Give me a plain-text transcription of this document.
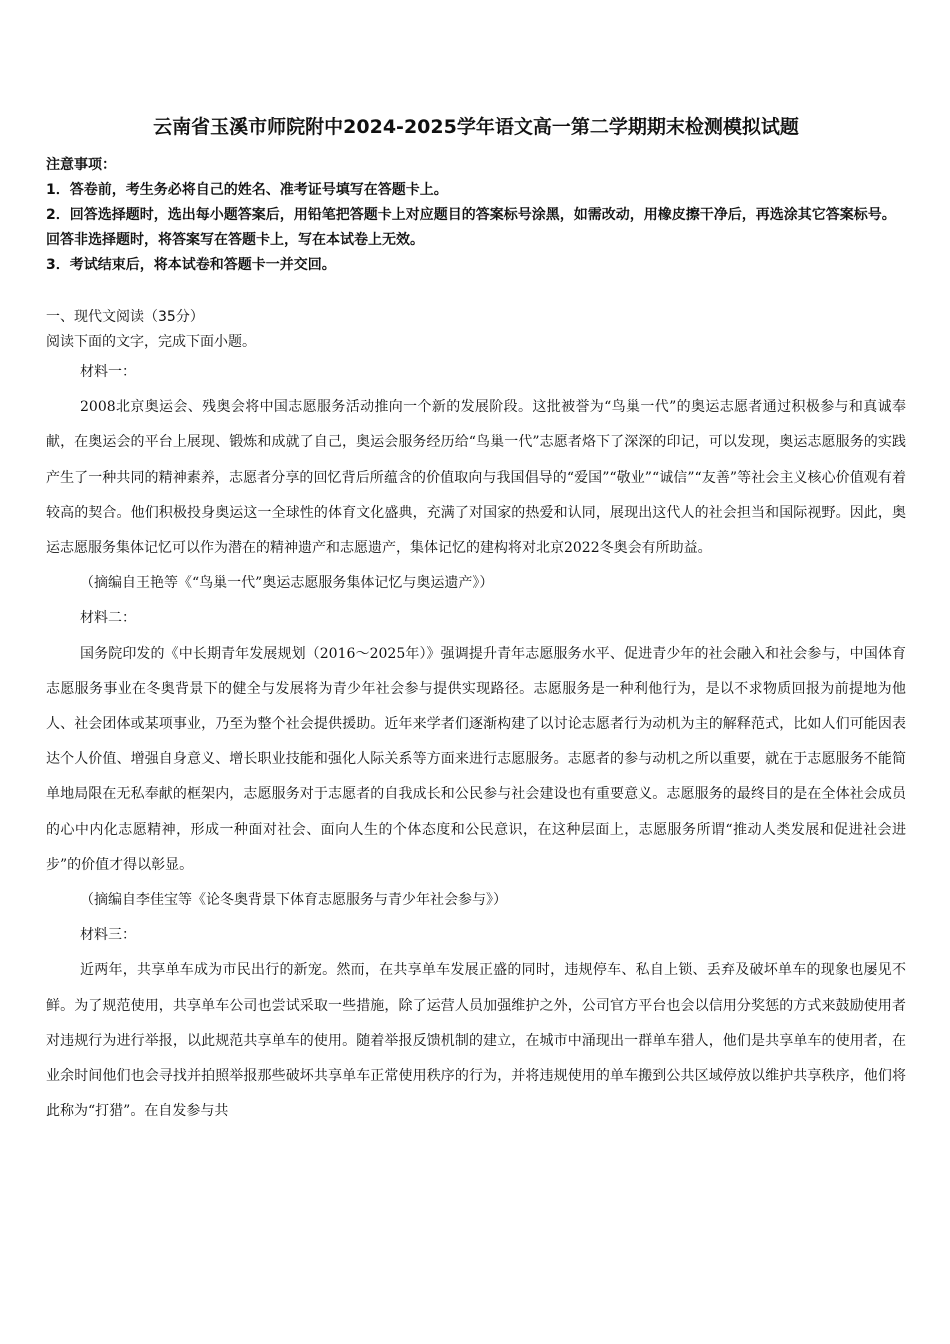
云南省玉溪市师院附中2024-2025学年语文高一第二学期期末检测模拟试题
注意事项：
1．答卷前，考生务必将自己的姓名、准考证号填写在答题卡上。
2．回答选择题时，选出每小题答案后，用铅笔把答题卡上对应题目的答案标号涂黑，如需改动，用橡皮擦干净后，再选涂其它答案标号。回答非选择题时，将答案写在答题卡上，写在本试卷上无效。
3．考试结束后，将本试卷和答题卡一并交回。
一、现代文阅读（35分）
阅读下面的文字，完成下面小题。
材料一：

2008北京奥运会、残奥会将中国志愿服务活动推向一个新的发展阶段。这批被誉为“鸟巢一代”的奥运志愿者通过积极参与和真诚奉献，在奥运会的平台上展现、锻炼和成就了自己，奥运会服务经历给“鸟巢一代”志愿者烙下了深深的印记，可以发现，奥运志愿服务的实践产生了一种共同的精神素养，志愿者分享的回忆背后所蕴含的价值取向与我国倡导的“爱国”“敬业”“诚信”“友善”等社会主义核心价值观有着较高的契合。他们积极投身奥运这一全球性的体育文化盛典，充满了对国家的热爱和认同，展现出这代人的社会担当和国际视野。因此，奥运志愿服务集体记忆可以作为潜在的精神遗产和志愿遗产，集体记忆的建构将对北京2022冬奥会有所助益。

（摘编自王艳等《“鸟巢一代”奥运志愿服务集体记忆与奥运遗产》）
材料二：

国务院印发的《中长期青年发展规划（2016～2025年）》强调提升青年志愿服务水平、促进青少年的社会融入和社会参与，中国体育志愿服务事业在冬奥背景下的健全与发展将为青少年社会参与提供实现路径。志愿服务是一种利他行为，是以不求物质回报为前提地为他人、社会团体或某项事业，乃至为整个社会提供援助。近年来学者们逐渐构建了以讨论志愿者行为动机为主的解释范式，比如人们可能因表达个人价值、增强自身意义、增长职业技能和强化人际关系等方面来进行志愿服务。志愿者的参与动机之所以重要，就在于志愿服务不能简单地局限在无私奉献的框架内，志愿服务对于志愿者的自我成长和公民参与社会建设也有重要意义。志愿服务的最终目的是在全体社会成员的心中内化志愿精神，形成一种面对社会、面向人生的个体态度和公民意识，在这种层面上，志愿服务所谓“推动人类发展和促进社会进步”的价值才得以彰显。

（摘编自李佳宝等《论冬奥背景下体育志愿服务与青少年社会参与》）
材料三：

近两年，共享单车成为市民出行的新宠。然而，在共享单车发展正盛的同时，违规停车、私自上锁、丢弃及破坏单车的现象也屡见不鲜。为了规范使用，共享单车公司也尝试采取一些措施，除了运营人员加强维护之外，公司官方平台也会以信用分奖惩的方式来鼓励使用者对违规行为进行举报，以此规范共享单车的使用。随着举报反馈机制的建立，在城市中涌现出一群单车猎人，他们是共享单车的使用者，在业余时间他们也会寻找并拍照举报那些破坏共享单车正常使用秩序的行为，并将违规使用的单车搬到公共区域停放以维护共享秩序，他们将此称为“打猎”。在自发参与共
